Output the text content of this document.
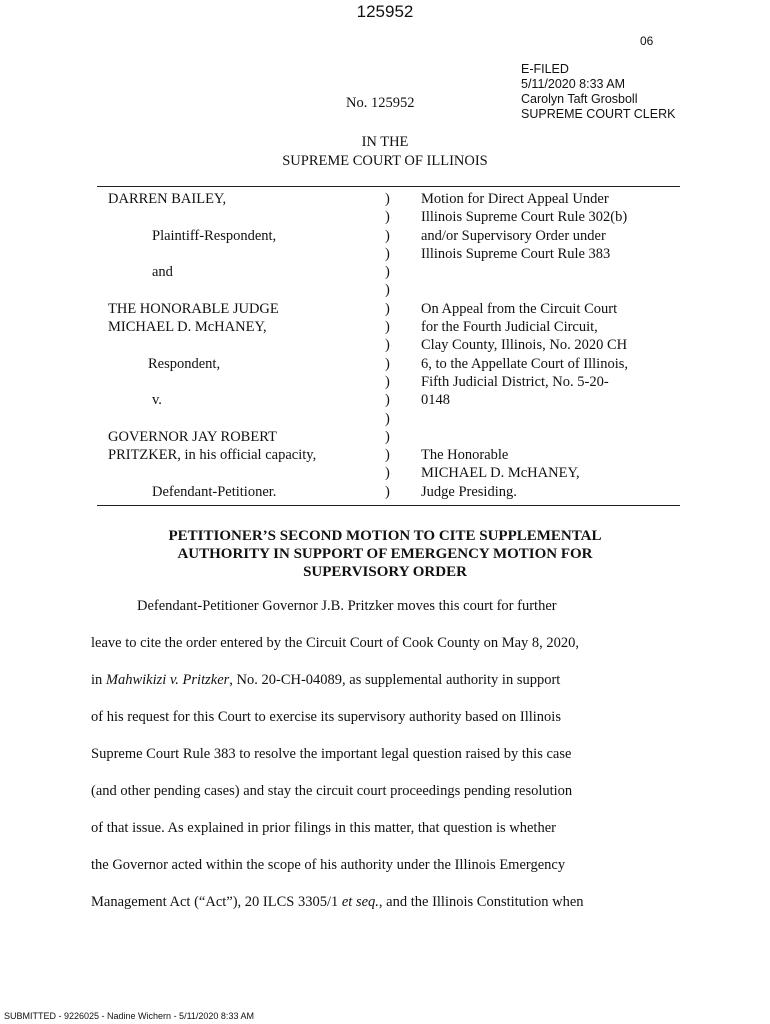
125952
06
E-FILED
5/11/2020 8:33 AM
Carolyn Taft Grosboll
SUPREME COURT CLERK
No. 125952
IN THE
SUPREME COURT OF ILLINOIS
DARREN BAILEY,
Plaintiff-Respondent,
and
THE HONORABLE JUDGE
MICHAEL D. McHANEY,
Respondent,
v.
GOVERNOR JAY ROBERT
PRITZKER, in his official capacity,
Defendant-Petitioner.
)
)
)
)
)
)
)
)
)
)
)
)
)
)
)
)
)
Motion for Direct Appeal Under
Illinois Supreme Court Rule 302(b)
and/or Supervisory Order under
Illinois Supreme Court Rule 383
On Appeal from the Circuit Court
for the Fourth Judicial Circuit,
Clay County, Illinois, No. 2020 CH
6, to the Appellate Court of Illinois,
Fifth Judicial District, No. 5-20-
0148
The Honorable
MICHAEL D. McHANEY,
Judge Presiding.
PETITIONER’S SECOND MOTION TO CITE SUPPLEMENTAL
AUTHORITY IN SUPPORT OF EMERGENCY MOTION FOR
SUPERVISORY ORDER
Defendant-Petitioner Governor J.B. Pritzker moves this court for further
leave to cite the order entered by the Circuit Court of Cook County on May 8, 2020,
in Mahwikizi v. Pritzker, No. 20-CH-04089, as supplemental authority in support
of his request for this Court to exercise its supervisory authority based on Illinois
Supreme Court Rule 383 to resolve the important legal question raised by this case
(and other pending cases) and stay the circuit court proceedings pending resolution
of that issue. As explained in prior filings in this matter, that question is whether
the Governor acted within the scope of his authority under the Illinois Emergency
Management Act (“Act”), 20 ILCS 3305/1 et seq., and the Illinois Constitution when
SUBMITTED - 9226025 - Nadine Wichern - 5/11/2020 8:33 AM
